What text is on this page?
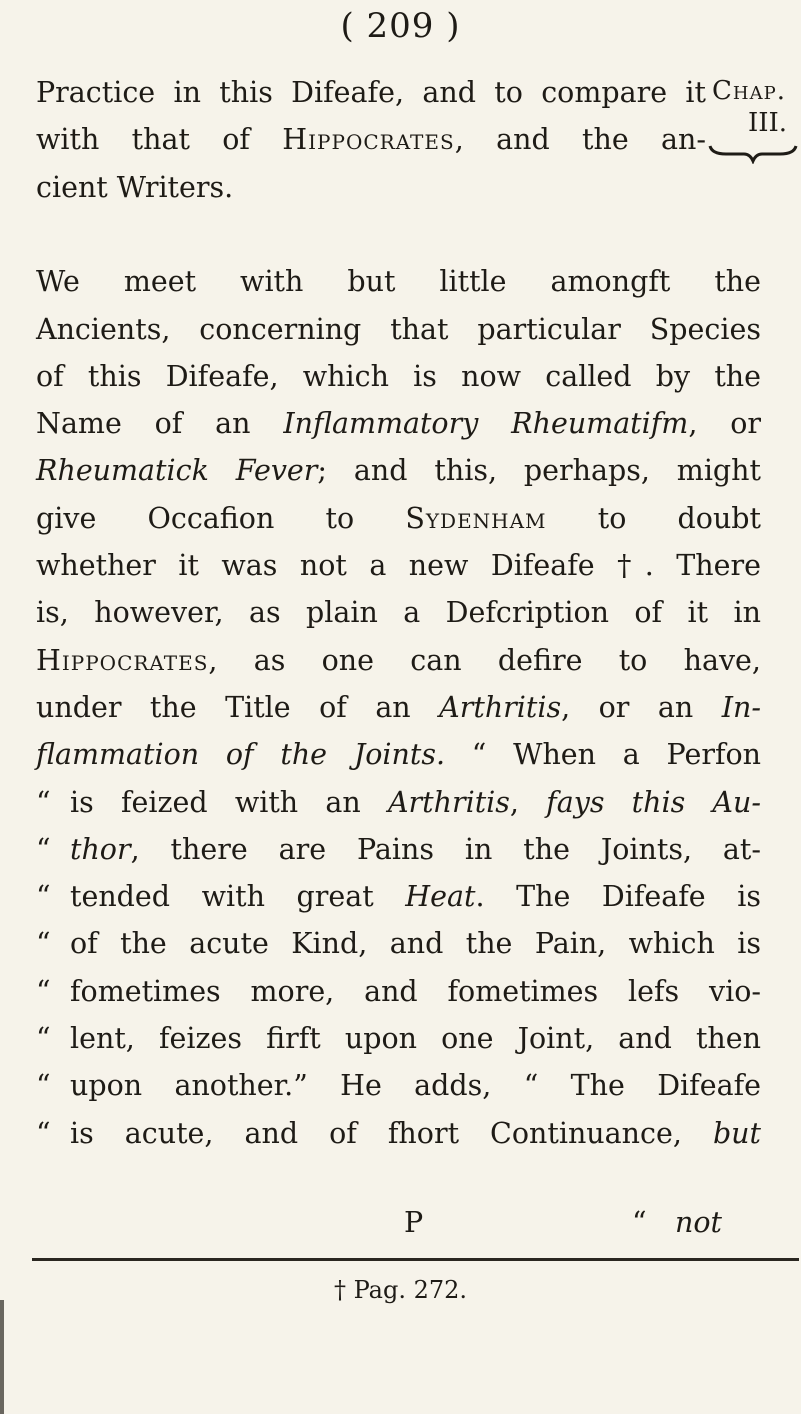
( 209 )
Chap.
III.
Practice in this Difeafe, and to compare it
with that of Hippocrates, and the an-
cient Writers.
We meet with but little amongft the
Ancients, concerning that particular Species
of this Difeafe, which is now called by the
Name of an Inflammatory Rheumatifm, or
Rheumatick Fever; and this, perhaps, might
give Occafion to Sydenham to doubt
whether it was not a new Difeafe †. There
is, however, as plain a Defcription of it in
Hippocrates, as one can defire to have,
under the Title of an Arthritis, or an In-
flammation of the Joints. “ When a Perfon
“ is feized with an Arthritis, fays this Au-
“ thor, there are Pains in the Joints, at-
“ tended with great Heat. The Difeafe is
“ of the acute Kind, and the Pain, which is
“ fometimes more, and fometimes lefs vio-
“ lent, feizes firft upon one Joint, and then
“ upon another.” He adds, “ The Difeafe
“ is acute, and of fhort Continuance, but
P	“ not
† Pag. 272.
